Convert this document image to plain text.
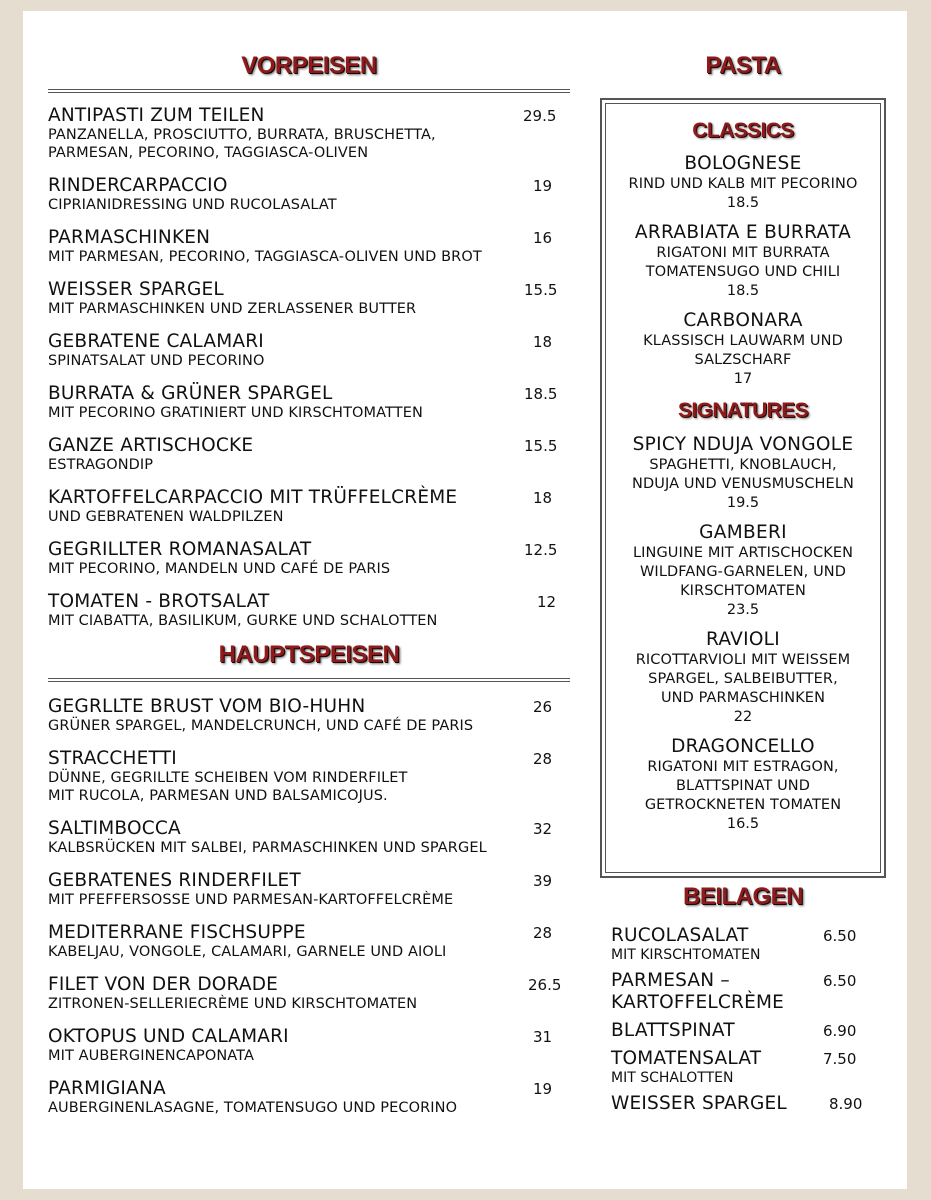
VORPEISEN
ANTIPASTI ZUM TEILEN
PANZANELLA, PROSCIUTTO, BURRATA, BRUSCHETTA,
PARMESAN, PECORINO, TAGGIASCA-OLIVEN
29.5
RINDERCARPACCIO
CIPRIANIDRESSING UND RUCOLASALAT
19
PARMASCHINKEN
MIT PARMESAN, PECORINO, TAGGIASCA-OLIVEN UND BROT
16
WEISSER SPARGEL
MIT PARMASCHINKEN UND ZERLASSENER BUTTER
15.5
GEBRATENE CALAMARI
SPINATSALAT UND PECORINO
18
BURRATA & GRÜNER SPARGEL
MIT PECORINO GRATINIERT UND KIRSCHTOMATTEN
18.5
GANZE ARTISCHOCKE
ESTRAGONDIP
15.5
KARTOFFELCARPACCIO MIT TRÜFFELCRÈME
UND GEBRATENEN WALDPILZEN
18
GEGRILLTER ROMANASALAT
MIT PECORINO, MANDELN UND CAFÉ DE PARIS
12.5
TOMATEN - BROTSALAT
MIT CIABATTA, BASILIKUM, GURKE UND SCHALOTTEN
12
HAUPTSPEISEN
GEGRLLTE BRUST VOM BIO-HUHN
GRÜNER SPARGEL, MANDELCRUNCH, UND CAFÉ DE PARIS
26
STRACCHETTI
DÜNNE, GEGRILLTE SCHEIBEN VOM RINDERFILET
MIT RUCOLA, PARMESAN UND BALSAMICOJUS.
28
SALTIMBOCCA
KALBSRÜCKEN MIT SALBEI, PARMASCHINKEN UND SPARGEL
32
GEBRATENES RINDERFILET
MIT PFEFFERSOSSE UND PARMESAN-KARTOFFELCRÈME
39
MEDITERRANE FISCHSUPPE
KABELJAU, VONGOLE, CALAMARI, GARNELE UND AIOLI
28
FILET VON DER DORADE
ZITRONEN-SELLERIECRÈME UND KIRSCHTOMATEN
26.5
OKTOPUS UND CALAMARI
MIT AUBERGINENCAPONATA
31
PARMIGIANA
AUBERGINENLASAGNE, TOMATENSUGO UND PECORINO
19
PASTA
CLASSICS
BOLOGNESE
RIND UND KALB MIT PECORINO
18.5
ARRABIATA E BURRATA
RIGATONI MIT BURRATA
TOMATENSUGO UND CHILI
18.5
CARBONARA
KLASSISCH LAUWARM UND
SALZSCHARF
17
SIGNATURES
SPICY NDUJA VONGOLE
SPAGHETTI, KNOBLAUCH,
NDUJA UND VENUSMUSCHELN
19.5
GAMBERI
LINGUINE MIT ARTISCHOCKEN
WILDFANG-GARNELEN, UND
KIRSCHTOMATEN
23.5
RAVIOLI
RICOTTARVIOLI MIT WEISSEM
SPARGEL, SALBEIBUTTER,
UND PARMASCHINKEN
22
DRAGONCELLO
RIGATONI MIT ESTRAGON,
BLATTSPINAT UND
GETROCKNETEN TOMATEN
16.5
BEILAGEN
RUCOLASALAT
MIT KIRSCHTOMATEN
6.50
PARMESAN –
KARTOFFELCRÈME
6.50
BLATTSPINAT	6.90
TOMATENSALAT
MIT SCHALOTTEN
7.50
WEISSER SPARGEL	8.90
